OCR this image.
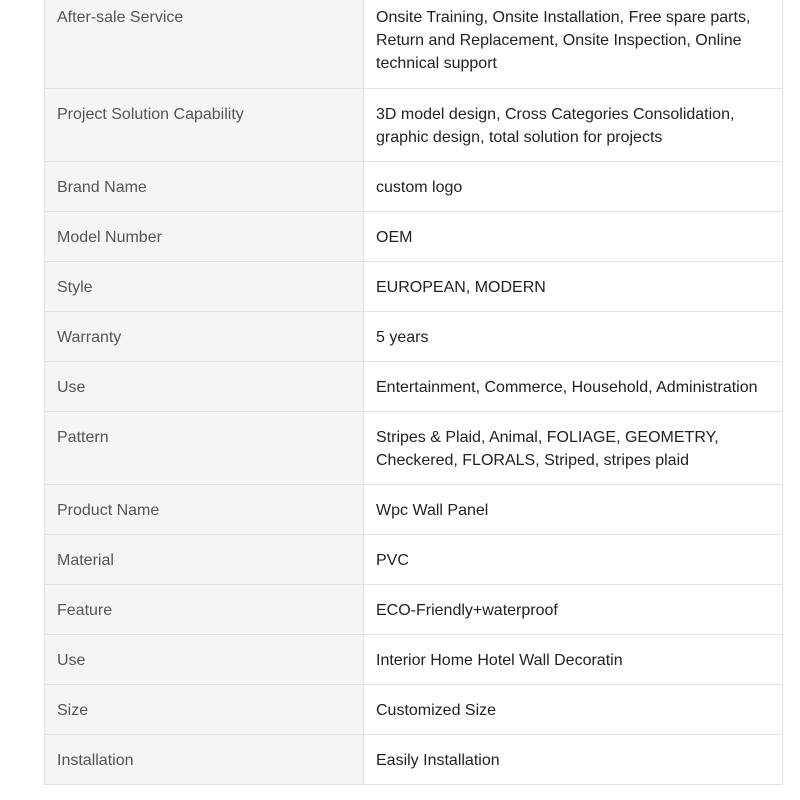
After-sale Service	Onsite Training, Onsite Installation, Free spare parts, Return and Replacement, Onsite Inspection, Online technical support
Project Solution Capability	3D model design, Cross Categories Consolidation, graphic design, total solution for projects
Brand Name	custom logo
Model Number	OEM
Style	EUROPEAN, MODERN
Warranty	5 years
Use	Entertainment, Commerce, Household, Administration
Pattern	Stripes & Plaid, Animal, FOLIAGE, GEOMETRY, Checkered, FLORALS, Striped, stripes plaid
Product Name	Wpc Wall Panel
Material	PVC
Feature	ECO-Friendly+waterproof
Use	Interior Home Hotel Wall Decoratin
Size	Customized Size
Installation	Easily Installation
